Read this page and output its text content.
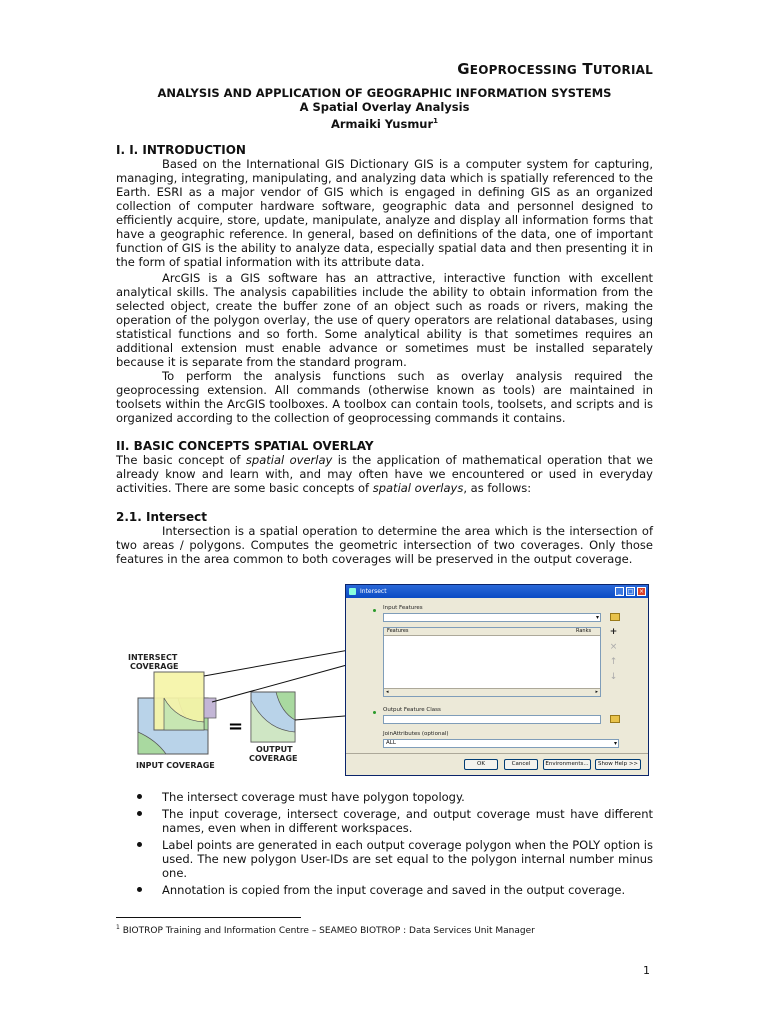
GEOPROCESSING TUTORIAL
ANALYSIS AND APPLICATION OF GEOGRAPHIC INFORMATION SYSTEMS
A Spatial Overlay Analysis
Armaiki Yusmur$^1$
I. I. INTRODUCTION

Based on the International GIS Dictionary GIS is a computer system for capturing, managing, integrating, manipulating, and analyzing data which is spatially referenced to the Earth. ESRI as a major vendor of GIS which is engaged in defining GIS as an organized collection of computer hardware software, geographic data and personnel designed to efficiently acquire, store, update, manipulate, analyze and display all information forms that have a geographic reference. In general, based on definitions of the data, one of important function of GIS is the ability to analyze data, especially spatial data and then presenting it in the form of spatial information with its attribute data.

ArcGIS is a GIS software has an attractive, interactive function with excellent analytical skills. The analysis capabilities include the ability to obtain information from the selected object, create the buffer zone of an object such as roads or rivers, making the operation of the polygon overlay, the use of query operators are relational databases, using statistical functions and so forth. Some analytical ability is that sometimes requires an additional extension must enable advance or sometimes must be installed separately because it is separate from the standard program.

To perform the analysis functions such as overlay analysis required the geoprocessing extension. All commands (otherwise known as tools) are maintained in toolsets within the ArcGIS toolboxes. A toolbox can contain tools, toolsets, and scripts and is organized according to the collection of geoprocessing commands it contains.

II. BASIC CONCEPTS SPATIAL OVERLAY

The basic concept of spatial overlay is the application of mathematical operation that we already know and learn with, and may often have we encountered or used in everyday activities. There are some basic concepts of spatial overlays, as follows:

2.1. Intersect

Intersection is a spatial operation to determine the area which is the intersection of two areas / polygons. Computes the geometric intersection of two coverages. Only those features in the area common to both coverages will be preserved in the output coverage.

=
INTERSECT
COVERAGE
INPUT COVERAGE
OUTPUT
COVERAGE
Intersect	_	□ ×
Input Features
▾
Features	Ranks
◂	▸
+
×
↑
↓
Output Feature Class
JoinAttributes (optional)
ALL	▾
OK	Cancel	Environments...	Show Help >>
The intersect coverage must have polygon topology.
The input coverage, intersect coverage, and output coverage must have different names, even when in different workspaces.
Label points are generated in each output coverage polygon when the POLY option is used. The new polygon User-IDs are set equal to the polygon internal number minus one.
Annotation is copied from the input coverage and saved in the output coverage.
$^1$ BIOTROP Training and Information Centre – SEAMEO BIOTROP : Data Services Unit Manager
1
